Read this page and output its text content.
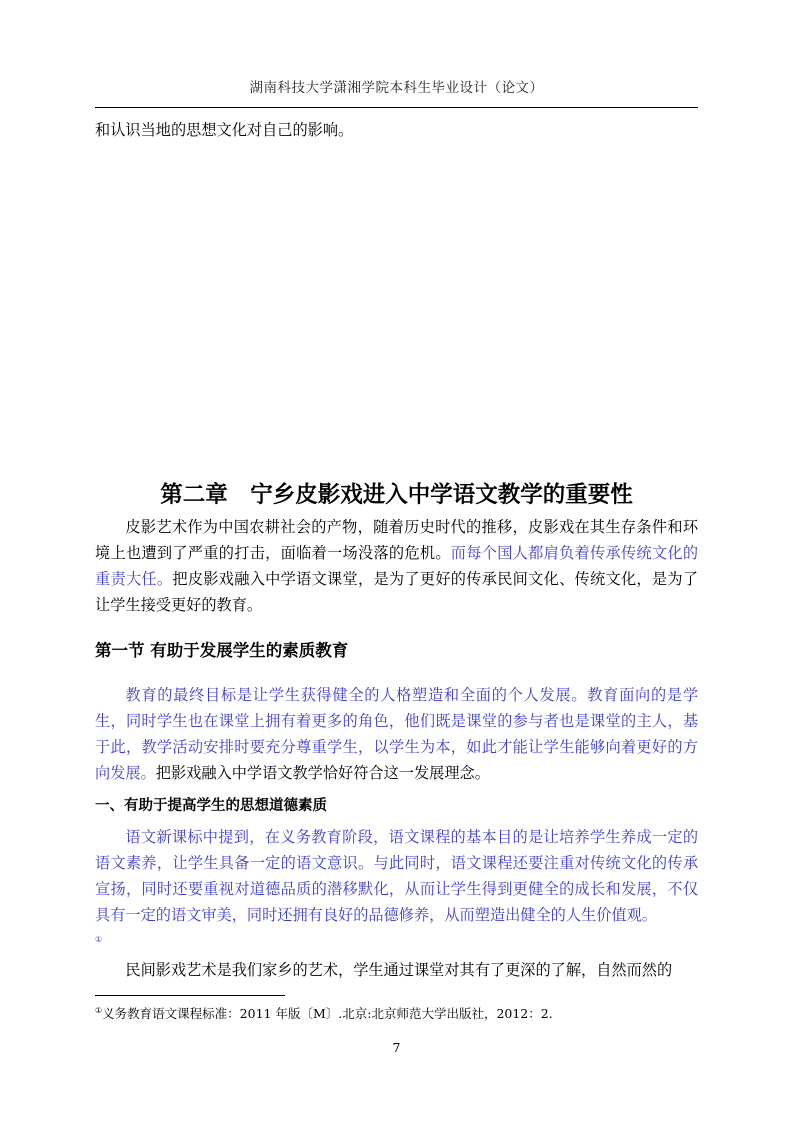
湖南科技大学潇湘学院本科生毕业设计（论文）
和认识当地的思想文化对自己的影响。
第二章　宁乡皮影戏进入中学语文教学的重要性
皮影艺术作为中国农耕社会的产物，随着历史时代的推移，皮影戏在其生存条件和环境上也遭到了严重的打击，面临着一场没落的危机。而每个国人都肩负着传承传统文化的重责大任。把皮影戏融入中学语文课堂，是为了更好的传承民间文化、传统文化，是为了让学生接受更好的教育。
第一节 有助于发展学生的素质教育
教育的最终目标是让学生获得健全的人格塑造和全面的个人发展。教育面向的是学生，同时学生也在课堂上拥有着更多的角色，他们既是课堂的参与者也是课堂的主人，基于此，教学活动安排时要充分尊重学生，以学生为本，如此才能让学生能够向着更好的方向发展。把影戏融入中学语文教学恰好符合这一发展理念。
一、有助于提高学生的思想道德素质
语文新课标中提到，在义务教育阶段，语文课程的基本目的是让培养学生养成一定的语文素养，让学生具备一定的语文意识。与此同时，语文课程还要注重对传统文化的传承宣扬，同时还要重视对道德品质的潜移默化，从而让学生得到更健全的成长和发展，不仅具有一定的语文审美，同时还拥有良好的品德修养，从而塑造出健全的人生价值观。
①
民间影戏艺术是我们家乡的艺术，学生通过课堂对其有了更深的了解，自然而然的
①义务教育语文课程标准：2011 年版〔M〕.北京:北京师范大学出版社，2012：2.
7
